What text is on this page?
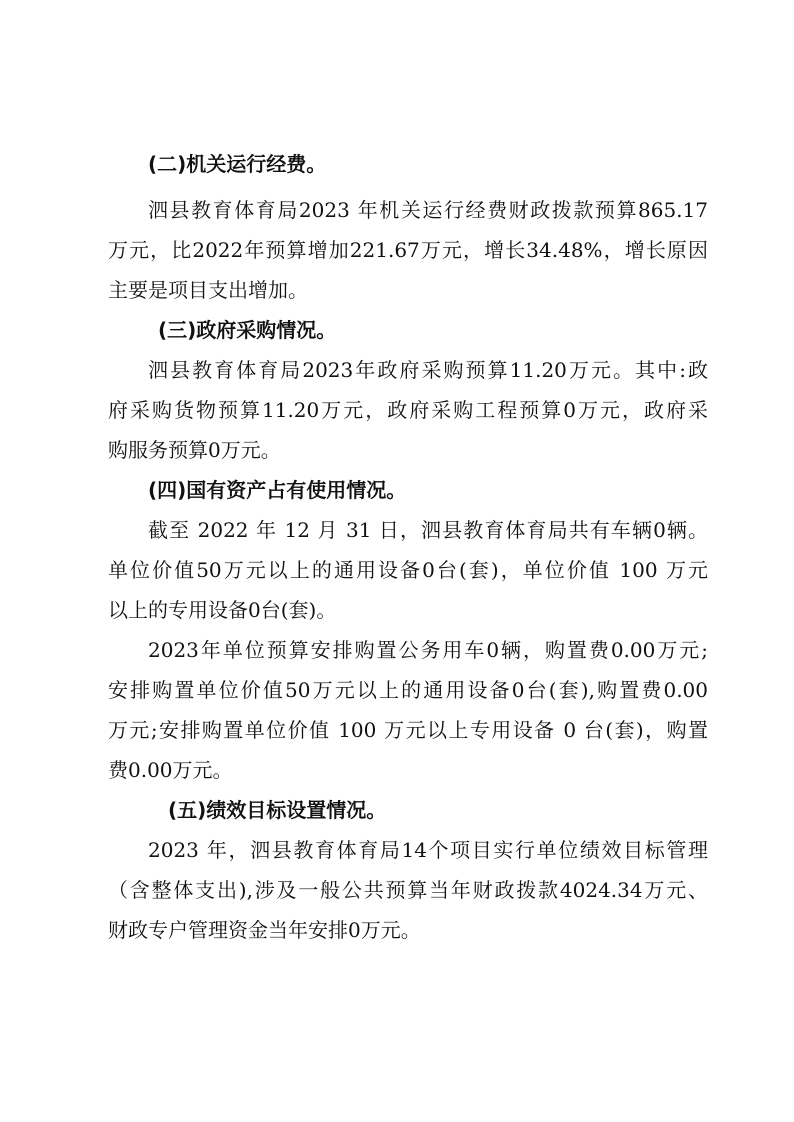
(二)机关运行经费。
泗县教育体育局2023 年机关运行经费财政拨款预算865.17
万元，比2022年预算增加221.67万元，增长34.48%，增长原因
主要是项目支出增加。
(三)政府采购情况。
泗县教育体育局2023年政府采购预算11.20万元。其中:政
府采购货物预算11.20万元，政府采购工程预算0万元，政府采
购服务预算0万元。
(四)国有资产占有使用情况。
截至 2022 年 12 月 31 日，泗县教育体育局共有车辆0辆。
单位价值50万元以上的通用设备0台(套)，单位价值 100 万元
以上的专用设备0台(套)。
2023年单位预算安排购置公务用车0辆，购置费0.00万元;
安排购置单位价值50万元以上的通用设备0台(套),购置费0.00
万元;安排购置单位价值 100 万元以上专用设备 0 台(套)，购置
费0.00万元。
(五)绩效目标设置情况。
2023 年，泗县教育体育局14个项目实行单位绩效目标管理
（含整体支出),涉及一般公共预算当年财政拨款4024.34万元、
财政专户管理资金当年安排0万元。
